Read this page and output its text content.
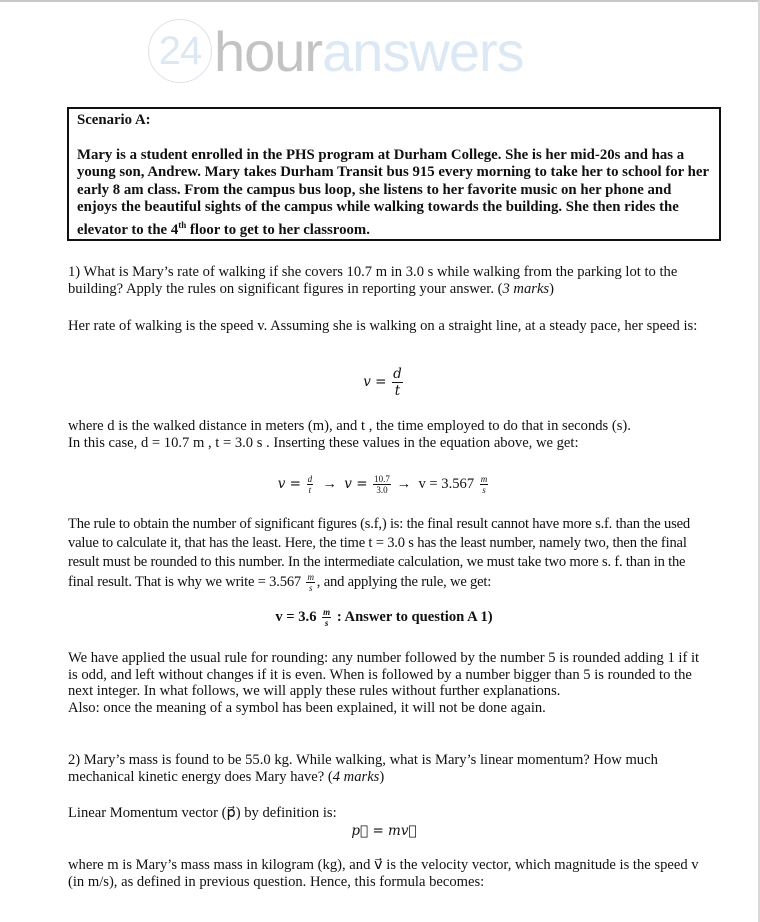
24 hour answers

Scenario A:

Mary is a student enrolled in the PHS program at Durham College. She is her mid-20s and has a young son, Andrew. Mary takes Durham Transit bus 915 every morning to take her to school for her early 8 am class. From the campus bus loop, she listens to her favorite music on her phone and enjoys the beautiful sights of the campus while walking towards the building. She then rides the elevator to the 4th floor to get to her classroom.

1) What is Mary’s rate of walking if she covers 10.7 m in 3.0 s while walking from the parking lot to the building? Apply the rules on significant figures in reporting your answer. (3 marks)
Her rate of walking is the speed v. Assuming she is walking on a straight line, at a steady pace, her speed is:
$v = \frac{d}{t}$
where d is the walked distance in meters (m), and t , the time employed to do that in seconds (s).
In this case, d = 10.7 m , t = 3.0 s . Inserting these values in the equation above, we get:
$v = \frac{d}{t} \to v = \frac{10.7}{3.0} \to v = 3.567 \frac{m}{s}$
The rule to obtain the number of significant figures (s.f,) is: the final result cannot have more s.f. than the used value to calculate it, that has the least. Here, the time t = 3.0 s has the least number, namely two, then the final result must be rounded to this number. In the intermediate calculation, we must take two more s. f. than in the final result. That is why we write = $3.567 \frac{m}{s}$ , and applying the rule, we get:
$v = 3.6 \frac{m}{s}$ : Answer to question A 1)
We have applied the usual rule for rounding: any number followed by the number 5 is rounded adding 1 if it is odd, and left without changes if it is even. When is followed by a number bigger than 5 is rounded to the next integer. In what follows, we will apply these rules without further explanations.
Also: once the meaning of a symbol has been explained, it will not be done again.
2) Mary’s mass is found to be 55.0 kg. While walking, what is Mary’s linear momentum? How much mechanical kinetic energy does Mary have? (4 marks)
Linear Momentum vector (p⃗) by definition is:
p⃗ = mv⃗
where m is Mary’s mass mass in kilogram (kg), and v⃗ is the velocity vector, which magnitude is the speed v (in m/s), as defined in previous question. Hence, this formula becomes:
